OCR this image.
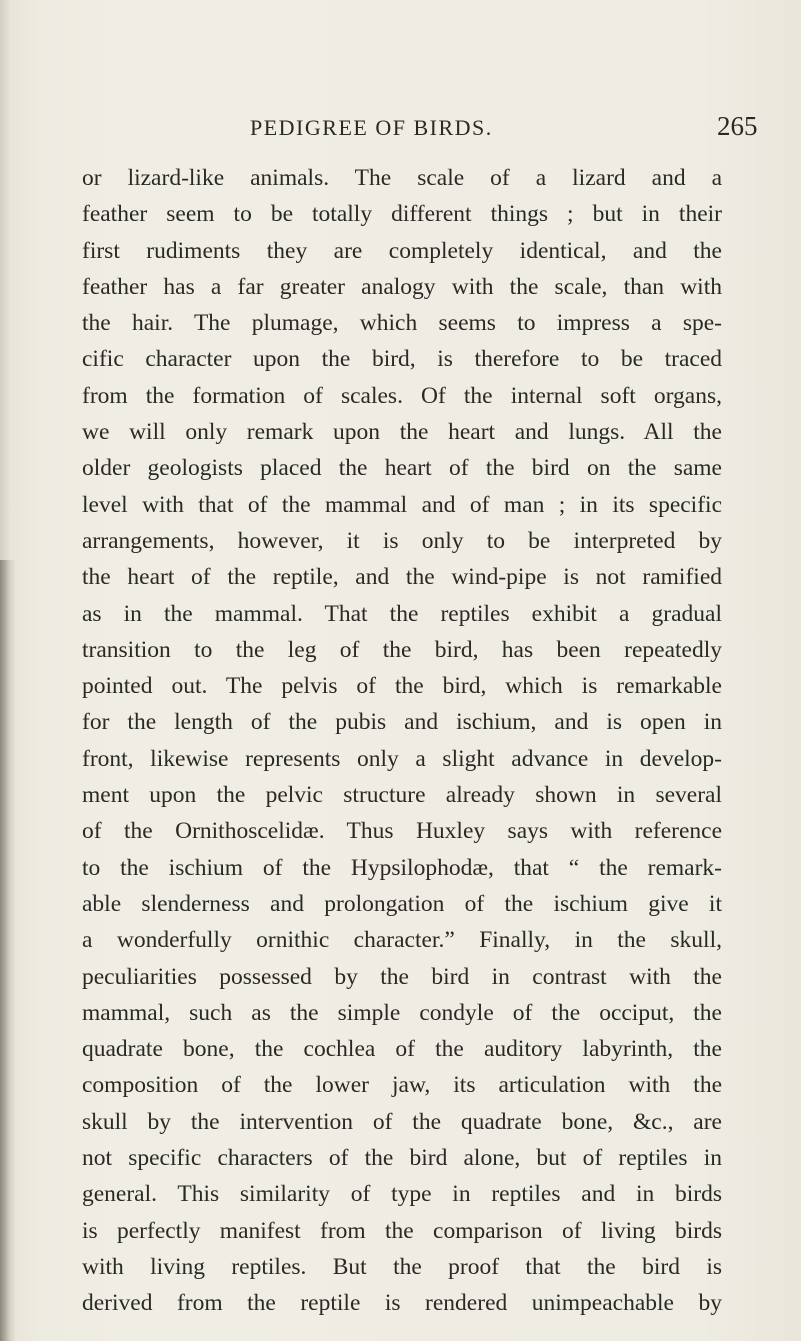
PEDIGREE OF BIRDS.	265
or lizard-like animals. The scale of a lizard and a
feather seem to be totally different things ; but in their
first rudiments they are completely identical, and the
feather has a far greater analogy with the scale, than with
the hair. The plumage, which seems to impress a spe-
cific character upon the bird, is therefore to be traced
from the formation of scales. Of the internal soft organs,
we will only remark upon the heart and lungs. All the
older geologists placed the heart of the bird on the same
level with that of the mammal and of man ; in its specific
arrangements, however, it is only to be interpreted by
the heart of the reptile, and the wind-pipe is not ramified
as in the mammal. That the reptiles exhibit a gradual
transition to the leg of the bird, has been repeatedly
pointed out. The pelvis of the bird, which is remarkable
for the length of the pubis and ischium, and is open in
front, likewise represents only a slight advance in develop-
ment upon the pelvic structure already shown in several
of the Ornithoscelidæ. Thus Huxley says with reference
to the ischium of the Hypsilophodæ, that “ the remark-
able slenderness and prolongation of the ischium give it
a wonderfully ornithic character.” Finally, in the skull,
peculiarities possessed by the bird in contrast with the
mammal, such as the simple condyle of the occiput, the
quadrate bone, the cochlea of the auditory labyrinth, the
composition of the lower jaw, its articulation with the
skull by the intervention of the quadrate bone, &c., are
not specific characters of the bird alone, but of reptiles in
general. This similarity of type in reptiles and in birds
is perfectly manifest from the comparison of living birds
with living reptiles. But the proof that the bird is
derived from the reptile is rendered unimpeachable by
